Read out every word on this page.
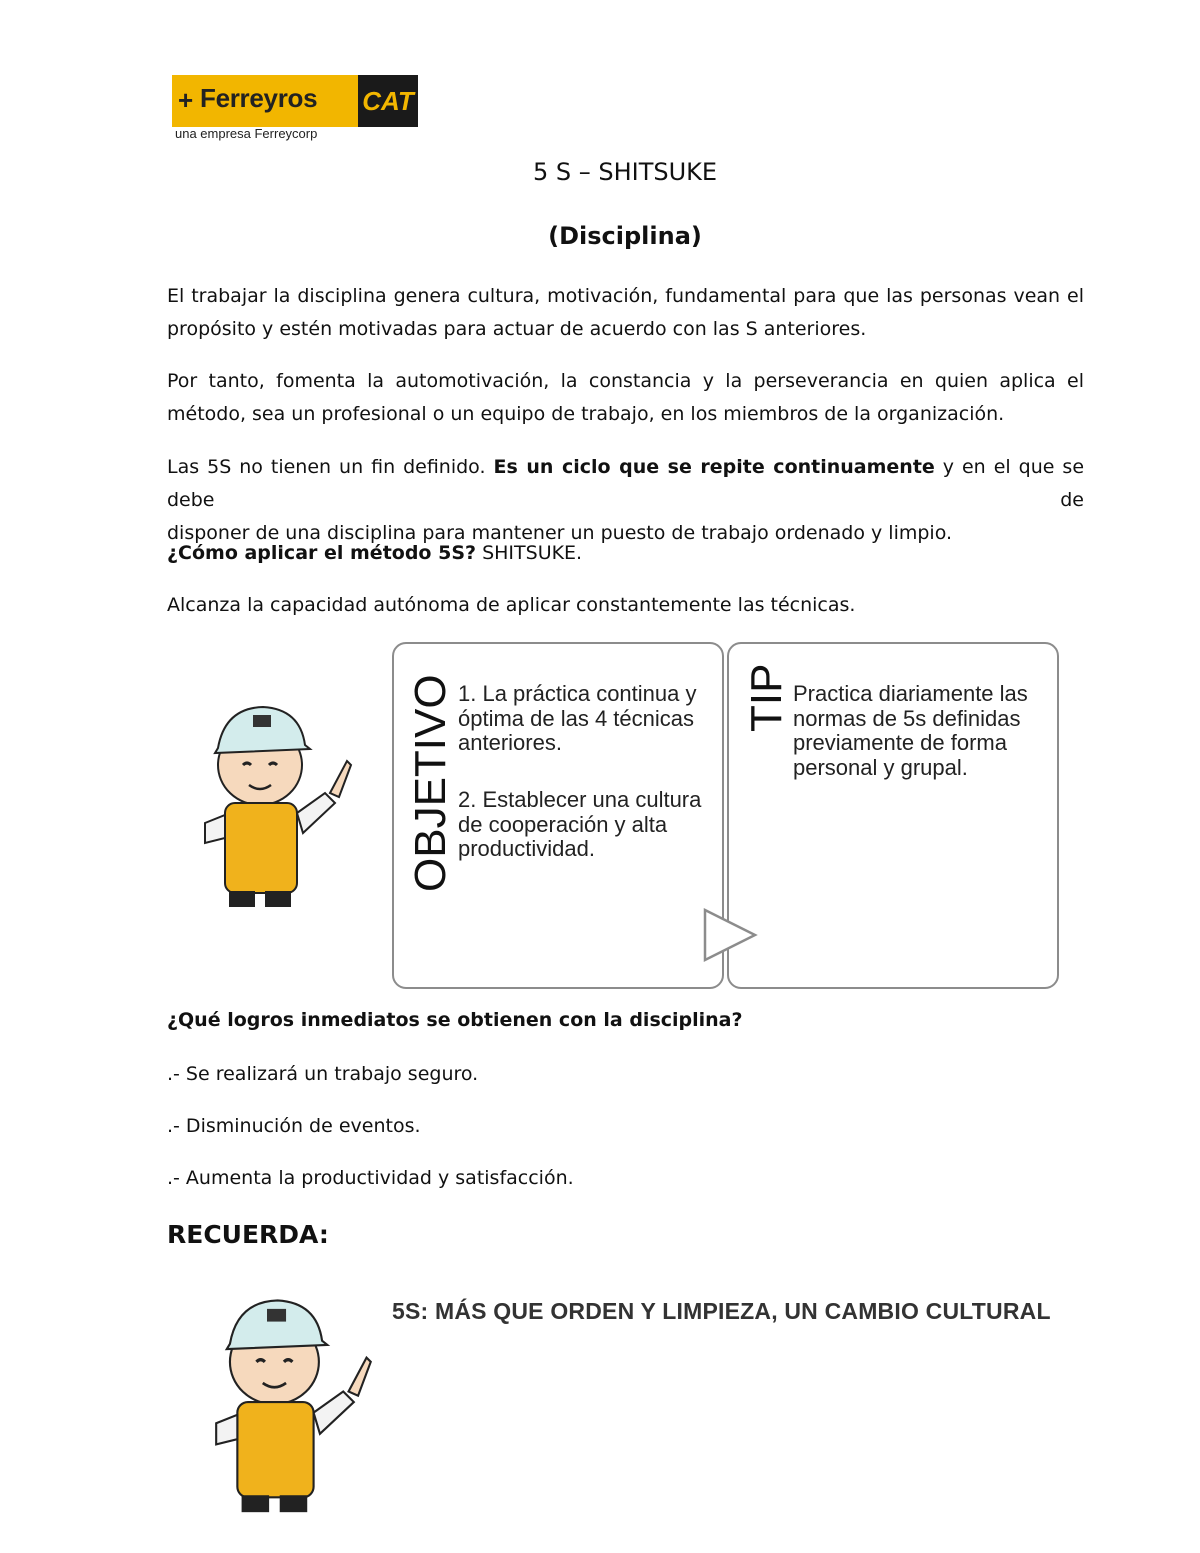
+ Ferreyros CAT
una empresa Ferreycorp
5 S – SHITSUKE
(Disciplina)
El trabajar la disciplina genera cultura, motivación, fundamental para que las personas vean el
propósito y estén motivadas para actuar de acuerdo con las S anteriores.
Por tanto, fomenta la automotivación, la constancia y la perseverancia en quien aplica el
método, sea un profesional o un equipo de trabajo, en los miembros de la organización.
Las 5S no tienen un fin definido. Es un ciclo que se repite continuamente y en el que se debe de
disponer de una disciplina para mantener un puesto de trabajo ordenado y limpio.
¿Cómo aplicar el método 5S? SHITSUKE.
Alcanza la capacidad autónoma de aplicar constantemente las técnicas.
OBJETIVO	TIP
1. La práctica continua y óptima de las 4 técnicas anteriores.
2. Establecer una cultura de cooperación y alta productividad.
Practica diariamente las normas de 5s definidas previamente de forma personal y grupal.
¿Qué logros inmediatos se obtienen con la disciplina?
.- Se realizará un trabajo seguro.
.- Disminución de eventos.
.- Aumenta la productividad y satisfacción.
RECUERDA:
5S: MÁS QUE ORDEN Y LIMPIEZA, UN CAMBIO CULTURAL
